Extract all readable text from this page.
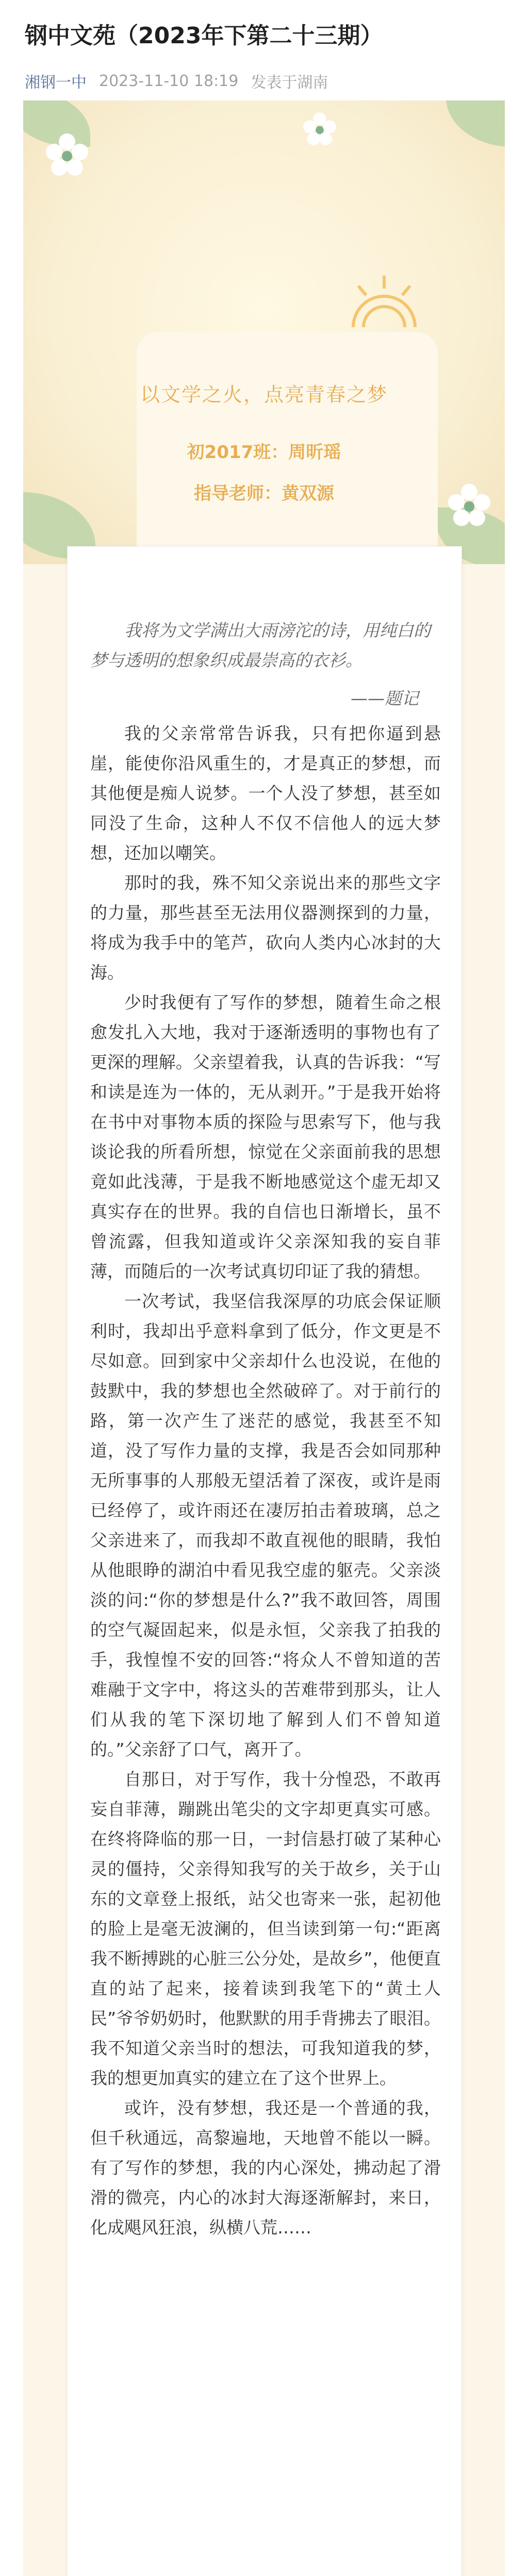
钢中文苑（2023年下第二十三期）
湘钢一中 2023-11-10 18:19 发表于湖南
以文学之火，点亮青春之梦
初2017班：周昕瑶
指导老师：黄双源
我将为文学满出大雨滂沱的诗，用纯白的梦与透明的想象织成最崇高的衣衫。
——题记

我的父亲常常告诉我，只有把你逼到悬崖，能使你沿风重生的，才是真正的梦想，而其他便是痴人说梦。一个人没了梦想，甚至如同没了生命，这种人不仅不信他人的远大梦想，还加以嘲笑。

那时的我，殊不知父亲说出来的那些文字的力量，那些甚至无法用仪器测探到的力量，将成为我手中的笔芦，砍向人类内心冰封的大海。

少时我便有了写作的梦想，随着生命之根愈发扎入大地，我对于逐渐透明的事物也有了更深的理解。父亲望着我，认真的告诉我：“写和读是连为一体的，无从剥开。”于是我开始将在书中对事物本质的探险与思索写下，他与我谈论我的所看所想，惊觉在父亲面前我的思想竟如此浅薄，于是我不断地感觉这个虚无却又真实存在的世界。我的自信也日渐增长，虽不曾流露，但我知道或许父亲深知我的妄自菲薄，而随后的一次考试真切印证了我的猜想。

一次考试，我坚信我深厚的功底会保证顺利时，我却出乎意料拿到了低分，作文更是不尽如意。回到家中父亲却什么也没说，在他的鼓默中，我的梦想也全然破碎了。对于前行的路，第一次产生了迷茫的感觉，我甚至不知道，没了写作力量的支撑，我是否会如同那种无所事事的人那般无望活着了深夜，或许是雨已经停了，或许雨还在凄厉拍击着玻璃，总之父亲进来了，而我却不敢直视他的眼睛，我怕从他眼睁的湖泊中看见我空虚的躯壳。父亲淡淡的问:“你的梦想是什么?”我不敢回答，周围的空气凝固起来，似是永恒，父亲我了拍我的手，我惶惶不安的回答:“将众人不曾知道的苦难融于文字中，将这头的苦难带到那头，让人们从我的笔下深切地了解到人们不曾知道的。”父亲舒了口气，离开了。

自那日，对于写作，我十分惶恐，不敢再妄自菲薄，蹦跳出笔尖的文字却更真实可感。在终将降临的那一日，一封信悬打破了某种心灵的僵持，父亲得知我写的关于故乡，关于山东的文章登上报纸，站父也寄来一张，起初他的脸上是毫无波澜的，但当读到第一句:“距离我不断搏跳的心脏三公分处，是故乡”，他便直直的站了起来，接着读到我笔下的“黄土人民”爷爷奶奶时，他默默的用手背拂去了眼泪。我不知道父亲当时的想法，可我知道我的梦，我的想更加真实的建立在了这个世界上。

或许，没有梦想，我还是一个普通的我，但千秋通远，高黎遍地，天地曾不能以一瞬。有了写作的梦想，我的内心深处，拂动起了滑滑的微亮，内心的冰封大海逐渐解封，来日，化成飓风狂浪，纵横八荒……
